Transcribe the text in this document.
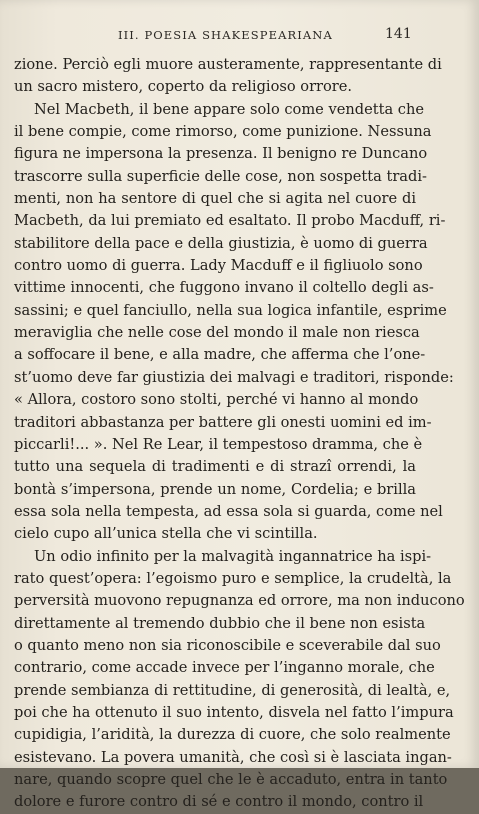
III. POESIA SHAKESPEARIANA	141
zione. Perciò egli muore austeramente, rappresentante di
un sacro mistero, coperto da religioso orrore.
Nel Macbeth, il bene appare solo come vendetta che
il bene compie, come rimorso, come punizione. Nessuna
figura ne impersona la presenza. Il benigno re Duncano
trascorre sulla superficie delle cose, non sospetta tradi-
menti, non ha sentore di quel che si agita nel cuore di
Macbeth, da lui premiato ed esaltato. Il probo Macduff, ri-
stabilitore della pace e della giustizia, è uomo di guerra
contro uomo di guerra. Lady Macduff e il figliuolo sono
vittime innocenti, che fuggono invano il coltello degli as-
sassini; e quel fanciullo, nella sua logica infantile, esprime
meraviglia che nelle cose del mondo il male non riesca
a soffocare il bene, e alla madre, che afferma che l’one-
st’uomo deve far giustizia dei malvagi e traditori, risponde:
« Allora, costoro sono stolti, perché vi hanno al mondo
traditori abbastanza per battere gli onesti uomini ed im-
piccarli!... ». Nel Re Lear, il tempestoso dramma, che è
tutto una sequela di tradimenti e di strazî orrendi, la
bontà s’impersona, prende un nome, Cordelia; e brilla
essa sola nella tempesta, ad essa sola si guarda, come nel
cielo cupo all’unica stella che vi scintilla.
Un odio infinito per la malvagità ingannatrice ha ispi-
rato quest’opera: l’egoismo puro e semplice, la crudeltà, la
perversità muovono repugnanza ed orrore, ma non inducono
direttamente al tremendo dubbio che il bene non esista
o quanto meno non sia riconoscibile e sceverabile dal suo
contrario, come accade invece per l’inganno morale, che
prende sembianza di rettitudine, di generosità, di lealtà, e,
poi che ha ottenuto il suo intento, disvela nel fatto l’impura
cupidigia, l’aridità, la durezza di cuore, che solo realmente
esistevano. La povera umanità, che così si è lasciata ingan-
nare, quando scopre quel che le è accaduto, entra in tanto
dolore e furore contro di sé e contro il mondo, contro il
